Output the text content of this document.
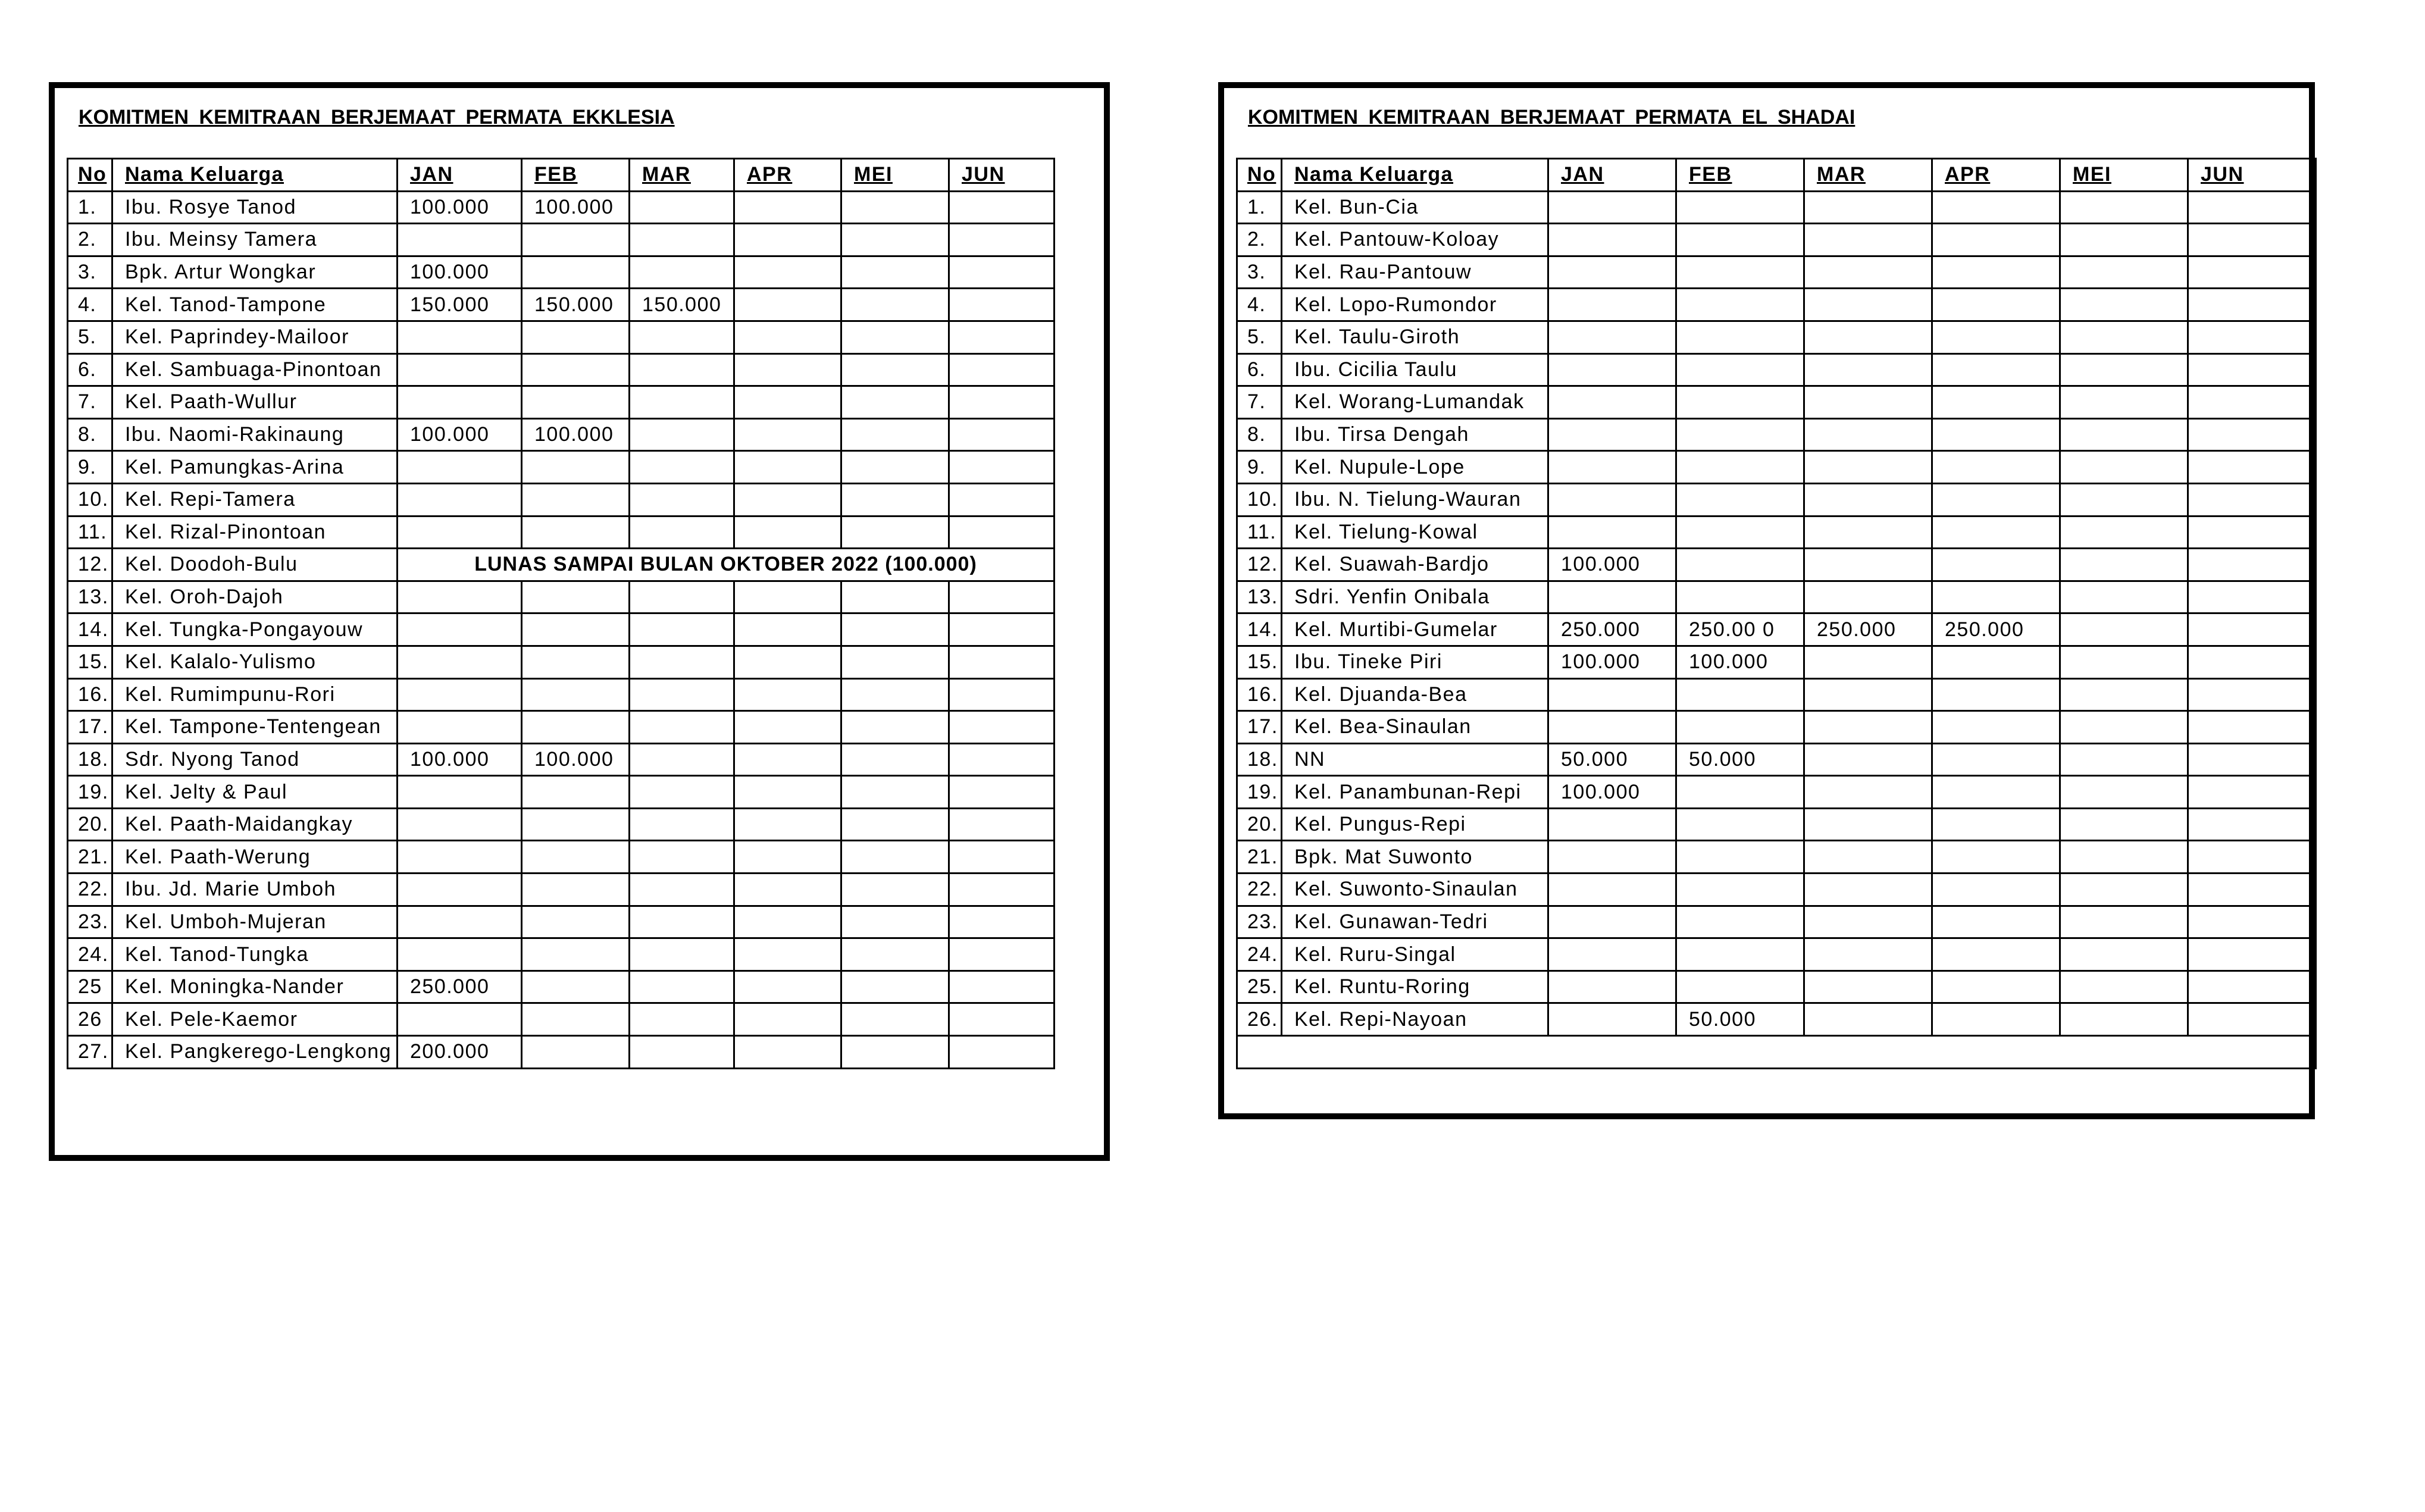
KOMITMEN KEMITRAAN BERJEMAAT PERMATA EKKLESIA
No	Nama Keluarga	JAN	FEB	MAR	APR	MEI	JUN
1.	Ibu. Rosye Tanod	100.000	100.000				
2.	Ibu. Meinsy Tamera						
3.	Bpk. Artur Wongkar	100.000					
4.	Kel. Tanod-Tampone	150.000	150.000	150.000			
5.	Kel. Paprindey-Mailoor						
6.	Kel. Sambuaga-Pinontoan						
7.	Kel. Paath-Wullur						
8.	Ibu. Naomi-Rakinaung	100.000	100.000				
9.	Kel. Pamungkas-Arina						
10.	Kel. Repi-Tamera						
11.	Kel. Rizal-Pinontoan						
12.	Kel. Doodoh-Bulu	LUNAS SAMPAI BULAN OKTOBER 2022 (100.000)					
13.	Kel. Oroh-Dajoh						
14.	Kel. Tungka-Pongayouw						
15.	Kel. Kalalo-Yulismo						
16.	Kel. Rumimpunu-Rori						
17.	Kel. Tampone-Tentengean						
18.	Sdr. Nyong Tanod	100.000	100.000				
19.	Kel. Jelty & Paul						
20.	Kel. Paath-Maidangkay						
21.	Kel. Paath-Werung						
22.	Ibu. Jd. Marie Umboh						
23.	Kel. Umboh-Mujeran						
24.	Kel. Tanod-Tungka						
25	Kel. Moningka-Nander	250.000					
26	Kel. Pele-Kaemor						
27.	Kel. Pangkerego-Lengkong	200.000					
KOMITMEN KEMITRAAN BERJEMAAT PERMATA EL SHADAI
No	Nama Keluarga	JAN	FEB	MAR	APR	MEI	JUN
1.	Kel. Bun-Cia						
2.	Kel. Pantouw-Koloay						
3.	Kel. Rau-Pantouw						
4.	Kel. Lopo-Rumondor						
5.	Kel. Taulu-Giroth						
6.	Ibu. Cicilia Taulu						
7.	Kel. Worang-Lumandak						
8.	Ibu. Tirsa Dengah						
9.	Kel. Nupule-Lope						
10.	Ibu. N. Tielung-Wauran						
11.	Kel. Tielung-Kowal						
12.	Kel. Suawah-Bardjo	100.000					
13.	Sdri. Yenfin Onibala						
14.	Kel. Murtibi-Gumelar	250.000	250.00 0	250.000	250.000		
15.	Ibu. Tineke Piri	100.000	100.000				
16.	Kel. Djuanda-Bea						
17.	Kel. Bea-Sinaulan						
18.	NN	50.000	50.000				
19.	Kel. Panambunan-Repi	100.000					
20.	Kel. Pungus-Repi						
21.	Bpk. Mat Suwonto						
22.	Kel. Suwonto-Sinaulan						
23.	Kel. Gunawan-Tedri						
24.	Kel. Ruru-Singal						
25.	Kel. Runtu-Roring						
26.	Kel. Repi-Nayoan		50.000				
